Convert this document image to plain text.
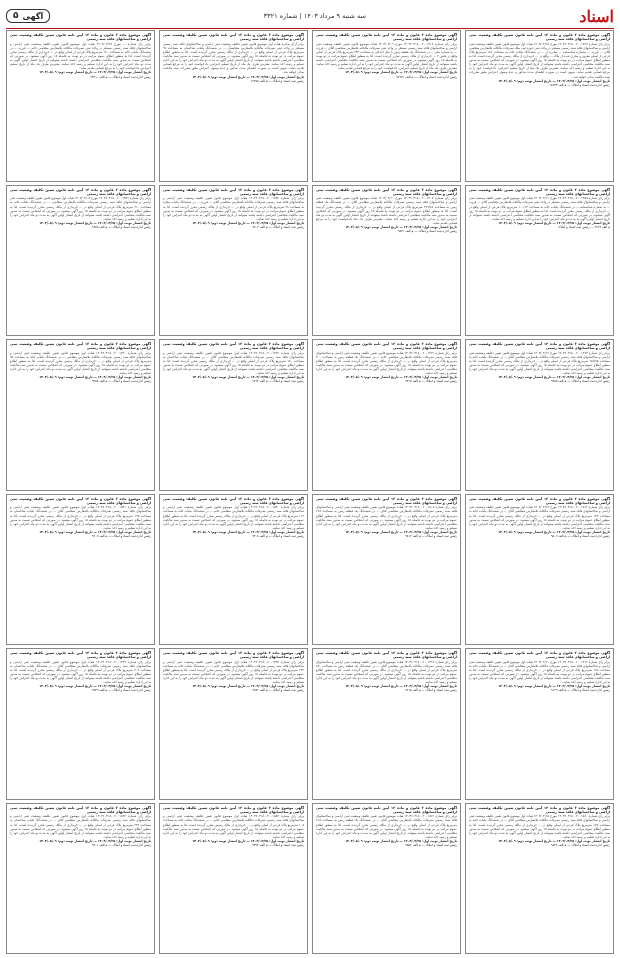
اسناد
سه شنبه ۹ مرداد ۱۴۰۳ | شماره ۳۳۲۱
آگهی
۵
آگهی موضوع ماده ۳ قانون و ماده ۱۳ آیین نامه قانون تعیین تکلیف وضعیت ثبتی اراضی و ساختمانهای فاقد سند رسمی
برابر رای شماره ۱۴۰۳۶۰۳۱۸۰۰۲۰۰۱۵۶۷ مورخ ۱۴۰۳/۰۴/۱۵ هیات اول موضوع قانون تعیین تکلیف وضعیت ثبتی اراضی و ساختمانهای فاقد سند رسمی مستقر در واحد ثبتی حوزه ثبت ملک تصرفات مالکانه بلامعارض متقاضی آقای ... فرزند ... بشماره شناسنامه ... صادره از ... در ششدانگ یکباب خانه به مساحت ۱۸۶ مترمربع پلاک فرعی از اصلی مفروز و مجزی شده از پلاک ... واقع در ... خریداری از مالک رسمی محرز گردیده است. لذا به منظور اطلاع عموم مراتب در دو نوبت به فاصله ۱۵ روز آگهی میشود. در صورتی که اشخاص نسبت به صدور سند مالکیت متقاضی اعتراضی داشته باشند میتوانند از تاریخ انتشار اولین آگهی به مدت دو ماه اعتراض خود را به این اداره تسلیم و رسید اخذ نمایند. معترض ظرف یک ماه از تاریخ تسلیم اعتراض، دادخواست خود را به مرجع قضایی تقدیم نماید. بدیهی است در صورت انقضای مدت مذکور و عدم وصول اعتراض طبق مقررات سند مالکیت صادر خواهد شد.
تاریخ انتشار نوبت اول: ۱۴۰۳/۰۴/۲۵ — تاریخ انتشار نوبت دوم: ۱۴۰۳/۰۵/۰۹
رئیس اداره ثبت اسناد و املاک — م الف ۱۶۸۷۳
آگهی موضوع ماده ۳ قانون و ماده ۱۳ آیین نامه قانون تعیین تکلیف وضعیت ثبتی اراضی و ساختمانهای فاقد سند رسمی
برابر رای شماره ۱۴۰۳۶۰۳۱۸۰۰۲۰۰۱۲۱۸ مورخ ۱۴۰۳/۰۴/۰۹ هیات موضوع قانون تعیین تکلیف وضعیت ثبتی اراضی و ساختمانهای فاقد سند رسمی مستقر در واحد ثبتی تصرفات مالکانه بلامعارض متقاضی آقای ... فرزند ... به شماره ملی ... در ششدانگ یک قطعه زمین با بنای احداثی به مساحت ۲۴۳ مترمربع پلاک فرعی از اصلی واقع در بخش ۲ ... خریداری از مالک رسمی محرز گردیده است. لذا به منظور اطلاع عموم مراتب در دو نوبت به فاصله ۱۵ روز آگهی میشود. در صورتی که اشخاص نسبت به صدور سند مالکیت متقاضی اعتراضی داشته باشند میتوانند از تاریخ انتشار اولین آگهی به مدت دو ماه اعتراض خود را به این اداره تسلیم و رسید اخذ نمایند. معترض ظرف یک ماه از تاریخ تسلیم اعتراض، دادخواست خود را به مرجع قضایی تقدیم نماید.
تاریخ انتشار نوبت اول: ۱۴۰۳/۰۴/۲۵ — تاریخ انتشار نوبت دوم: ۱۴۰۳/۰۵/۰۹
رئیس اداره ثبت اسناد و املاک — م الف ۹۷۶۲۱
آگهی موضوع ماده ۳ قانون و ماده ۱۳ آیین نامه قانون تعیین تکلیف وضعیت ثبتی اراضی و ساختمانهای فاقد سند رسمی
برابر آرای صادره هیات اول موضوع قانون تعیین تکلیف وضعیت ثبتی اراضی و ساختمانهای فاقد سند رسمی مستقر در واحد ثبتی تصرفات مالکانه بلامعارض متقاضیان ... در ششدانگ یکباب ساختمان به مساحت ۹۷ مترمربع پلاک فرعی از اصلی واقع در ... خریداری از مالک رسمی محرز گردیده است. لذا به منظور اطلاع عموم مراتب در دو نوبت به فاصله ۱۵ روز آگهی میشود. در صورتی که اشخاص نسبت به صدور سند مالکیت متقاضی اعتراضی داشته باشند میتوانند از تاریخ انتشار اولین آگهی به مدت دو ماه اعتراض خود را به این اداره تسلیم و رسید اخذ نمایند. معترض ظرف یک ماه از تاریخ تسلیم اعتراض، دادخواست خود را به مرجع قضایی تقدیم نماید. بدیهی است در صورت انقضای مدت مذکور و عدم وصول اعتراض طبق مقررات سند مالکیت صادر خواهد شد.
تاریخ انتشار نوبت اول: ۱۴۰۳/۰۴/۲۵ — تاریخ انتشار نوبت دوم: ۱۴۰۳/۰۵/۰۹
رئیس ثبت اسناد و املاک — م الف ۱۶۲۷۵
آگهی موضوع ماده ۳ قانون و ماده ۱۳ آیین نامه قانون تعیین تکلیف وضعیت ثبتی اراضی و ساختمانهای فاقد سند رسمی
برابر رای شماره ... مورخ ۱۴۰۳/۰۳/۲۸ هیات اول موضوع قانون تعیین تکلیف وضعیت ثبتی اراضی و ساختمانهای فاقد سند رسمی مستقر در واحد ثبتی تصرفات مالکانه بلامعارض متقاضی خانم ... فرزند ... در ششدانگ یکباب خانه به مساحت ۱۲۰ مترمربع پلاک فرعی از اصلی واقع در ... خریداری از مالک رسمی محرز گردیده است. لذا به منظور اطلاع عموم مراتب در دو نوبت به فاصله ۱۵ روز آگهی میشود. در صورتی که اشخاص نسبت به صدور سند مالکیت متقاضی اعتراضی داشته باشند میتوانند از تاریخ انتشار اولین آگهی به مدت دو ماه اعتراض خود را به این اداره تسلیم و رسید اخذ نمایند. معترض ظرف یک ماه از تاریخ تسلیم اعتراض، دادخواست خود را به مرجع قضایی تقدیم نماید.
تاریخ انتشار نوبت اول: ۱۴۰۳/۰۴/۲۵ — تاریخ انتشار نوبت دوم: ۱۴۰۳/۰۵/۰۹
رئیس اداره ثبت اسناد و املاک — م الف ۹۴۲۱۰
آگهی موضوع ماده ۳ قانون و ماده ۱۳ آیین نامه قانون تعیین تکلیف وضعیت ثبتی اراضی و ساختمانهای فاقد سند رسمی
برابر رای شماره ۱۴۰۳۶۰۳۱۸۰۰۲۰۰۱۴۵۵ مورخ ۱۴۰۳/۰۴/۱۱ هیات اول موضوع قانون تعیین تکلیف وضعیت ثبتی اراضی و ساختمانهای فاقد سند رسمی مستقر در واحد ثبتی تصرفات مالکانه بلامعارض متقاضی آقای ... فرزند ... به شماره شناسنامه ... در ششدانگ یکباب خانه به مساحت ۱۰۰/۱۳ مترمربع پلاک فرعی از اصلی واقع در ... خریداری از مالک رسمی محرز گردیده است. لذا به منظور اطلاع عموم مراتب در دو نوبت به فاصله ۱۵ روز آگهی میشود. در صورتی که اشخاص نسبت به صدور سند مالکیت متقاضی اعتراضی داشته باشند میتوانند از تاریخ انتشار اولین آگهی به مدت دو ماه اعتراض خود را به این اداره تسلیم و رسید اخذ نمایند.
تاریخ انتشار نوبت اول: ۱۴۰۳/۰۴/۲۵ — تاریخ انتشار نوبت دوم: ۱۴۰۳/۰۵/۰۹
م الف ۹۲۶۴ — رئیس ثبت اسناد و املاک
آگهی موضوع ماده ۳ قانون و ماده ۱۳ آیین نامه قانون تعیین تکلیف وضعیت ثبتی اراضی و ساختمانهای فاقد سند رسمی
برابر رای شماره ۱۴۰۳۶۰۳۱۸۰۰۲۰۰۱۴۰۷ مورخ ۱۴۰۳/۰۴/۱۰ هیات موضوع قانون تعیین تکلیف وضعیت ثبتی اراضی و ساختمانهای فاقد سند رسمی تصرفات مالکانه بلامعارض متقاضی آقای ... در ششدانگ یک قطعه زمین به مساحت ۲۲۹/۸۶ مترمربع پلاک فرعی از اصلی واقع در ... خریداری از مالک رسمی محرز گردیده است. لذا به منظور اطلاع عموم مراتب در دو نوبت به فاصله ۱۵ روز آگهی میشود. در صورتی که اشخاص نسبت به صدور سند مالکیت متقاضی اعتراضی داشته باشند میتوانند از تاریخ انتشار اولین آگهی به مدت دو ماه اعتراض خود را به این اداره تسلیم و رسید اخذ نمایند. معترض ظرف یک ماه دادخواست خود را به مرجع قضایی تقدیم نماید.
تاریخ انتشار نوبت اول: ۱۴۰۳/۰۴/۲۵ — تاریخ انتشار نوبت دوم: ۱۴۰۳/۰۵/۰۹
رئیس اداره ثبت اسناد و املاک — م الف ۹۵۳۱
آگهی موضوع ماده ۳ قانون و ماده ۱۳ آیین نامه قانون تعیین تکلیف وضعیت ثبتی اراضی و ساختمانهای فاقد سند رسمی
برابر رای شماره ۱۴۰۳۶۰۳۱۸۰۰۲۰۰۱۳۸۲ هیات اول موضوع قانون تعیین تکلیف وضعیت ثبتی اراضی و ساختمانهای فاقد سند رسمی تصرفات مالکانه بلامعارض متقاضی آقای ... فرزند ... در ششدانگ یکباب مغازه به مساحت ۴۸ مترمربع پلاک فرعی از اصلی واقع در ... خریداری از مالک رسمی محرز گردیده است. لذا به منظور اطلاع عموم مراتب در دو نوبت به فاصله ۱۵ روز آگهی میشود. در صورتی که اشخاص نسبت به صدور سند مالکیت متقاضی اعتراضی داشته باشند میتوانند از تاریخ انتشار اولین آگهی به مدت دو ماه اعتراض خود را به این اداره تسلیم و رسید اخذ نمایند.
تاریخ انتشار نوبت اول: ۱۴۰۳/۰۴/۲۵ — تاریخ انتشار نوبت دوم: ۱۴۰۳/۰۵/۰۹
رئیس ثبت اسناد و املاک — م الف ۹۷۰۲
آگهی موضوع ماده ۳ قانون و ماده ۱۳ آیین نامه قانون تعیین تکلیف وضعیت ثبتی اراضی و ساختمانهای فاقد سند رسمی
برابر رای شماره ۱۴۰۳۶۰۳۱۸۰۰۲۰۰۱۳۵۹ مورخ ۱۴۰۳/۰۴/۰۸ هیات اول موضوع قانون تعیین تکلیف وضعیت ثبتی اراضی و ساختمانهای فاقد سند رسمی تصرفات مالکانه بلامعارض متقاضی ... در ششدانگ یکباب خانه به مساحت ۲۱۰ مترمربع پلاک فرعی از اصلی واقع در ... خریداری از مالک رسمی محرز گردیده است. لذا به منظور اطلاع عموم مراتب در دو نوبت به فاصله ۱۵ روز آگهی میشود. در صورتی که اشخاص نسبت به صدور سند مالکیت متقاضی اعتراضی داشته باشند میتوانند از تاریخ انتشار اولین آگهی به مدت دو ماه اعتراض خود را به این اداره تسلیم و رسید اخذ نمایند.
تاریخ انتشار نوبت اول: ۱۴۰۳/۰۴/۲۵ — تاریخ انتشار نوبت دوم: ۱۴۰۳/۰۵/۰۹
رئیس اداره ثبت اسناد و املاک — م الف ۹۶۸۸
آگهی موضوع ماده ۳ قانون و ماده ۱۳ آیین نامه قانون تعیین تکلیف وضعیت ثبتی اراضی و ساختمانهای فاقد سند رسمی
برابر رای شماره ۱۴۰۳۶۰۳۱۸۰۰۲۰۰۱۴۹۳ مورخ ۱۴۰۳/۰۴/۱۲ هیات اول موضوع قانون تعیین تکلیف وضعیت ثبتی اراضی و ساختمانهای فاقد سند رسمی تصرفات مالکانه بلامعارض متقاضی آقای ... در ششدانگ یکباب خانه به مساحت ۱۵۶/۷۵ مترمربع پلاک فرعی از اصلی واقع در ... خریداری از مالک رسمی محرز گردیده است. لذا به منظور اطلاع عموم مراتب در دو نوبت به فاصله ۱۵ روز آگهی میشود. در صورتی که اشخاص نسبت به صدور سند مالکیت متقاضی اعتراضی داشته باشند میتوانند از تاریخ انتشار اولین آگهی به مدت دو ماه اعتراض خود را به این اداره تسلیم و رسید اخذ نمایند.
تاریخ انتشار نوبت اول: ۱۴۰۳/۰۴/۲۵ — تاریخ انتشار نوبت دوم: ۱۴۰۳/۰۵/۰۹
رئیس اداره ثبت اسناد و املاک — م الف ۹۴۵۵
آگهی موضوع ماده ۳ قانون و ماده ۱۳ آیین نامه قانون تعیین تکلیف وضعیت ثبتی اراضی و ساختمانهای فاقد سند رسمی
برابر رای شماره ۱۴۰۳۶۰۳۱۸۰۰۲۰۰۱۴۷۱ هیات موضوع قانون تعیین تکلیف وضعیت ثبتی اراضی و ساختمانهای فاقد سند رسمی تصرفات مالکانه بلامعارض متقاضی خانم ... در ششدانگ یک قطعه زمین به مساحت ۳۰۰ مترمربع پلاک فرعی از اصلی واقع در ... خریداری از مالک رسمی محرز گردیده است. لذا به منظور اطلاع عموم مراتب در دو نوبت به فاصله ۱۵ روز آگهی میشود. در صورتی که اشخاص نسبت به صدور سند مالکیت متقاضی اعتراضی داشته باشند میتوانند از تاریخ انتشار اولین آگهی به مدت دو ماه اعتراض خود را به این اداره تسلیم و رسید اخذ نمایند.
تاریخ انتشار نوبت اول: ۱۴۰۳/۰۴/۲۵ — تاریخ انتشار نوبت دوم: ۱۴۰۳/۰۵/۰۹
رئیس ثبت اسناد و املاک — م الف ۹۳۱۷
آگهی موضوع ماده ۳ قانون و ماده ۱۳ آیین نامه قانون تعیین تکلیف وضعیت ثبتی اراضی و ساختمانهای فاقد سند رسمی
برابر رای شماره ۱۴۰۳۶۰۳۱۸۰۰۲۰۰۱۳۶۲ هیات اول موضوع قانون تعیین تکلیف وضعیت ثبتی اراضی و ساختمانهای فاقد سند رسمی تصرفات مالکانه بلامعارض متقاضی آقای ... در ششدانگ یکباب ساختمان به مساحت ۱۸۰ مترمربع پلاک فرعی از اصلی واقع در ... خریداری از مالک رسمی محرز گردیده است. لذا به منظور اطلاع عموم مراتب در دو نوبت به فاصله ۱۵ روز آگهی میشود. در صورتی که اشخاص نسبت به صدور سند مالکیت متقاضی اعتراضی داشته باشند میتوانند از تاریخ انتشار اولین آگهی به مدت دو ماه اعتراض خود را به این اداره تسلیم و رسید اخذ نمایند.
تاریخ انتشار نوبت اول: ۱۴۰۳/۰۴/۲۵ — تاریخ انتشار نوبت دوم: ۱۴۰۳/۰۵/۰۹
رئیس ثبت اسناد و املاک — م الف ۹۶۹۴
آگهی موضوع ماده ۳ قانون و ماده ۱۳ آیین نامه قانون تعیین تکلیف وضعیت ثبتی اراضی و ساختمانهای فاقد سند رسمی
برابر رای شماره ۱۴۰۳۶۰۳۱۸۰۰۲۰۰۱۳۹۰ هیات اول موضوع قانون تعیین تکلیف وضعیت ثبتی اراضی و ساختمانهای فاقد سند رسمی تصرفات مالکانه بلامعارض متقاضی ... در ششدانگ یکباب خانه به مساحت ۹۵ مترمربع پلاک فرعی از اصلی واقع در ... خریداری از مالک رسمی محرز گردیده است. لذا به منظور اطلاع عموم مراتب در دو نوبت به فاصله ۱۵ روز آگهی میشود. در صورتی که اشخاص نسبت به صدور سند مالکیت متقاضی اعتراضی داشته باشند میتوانند از تاریخ انتشار اولین آگهی به مدت دو ماه اعتراض خود را به این اداره تسلیم و رسید اخذ نمایند.
تاریخ انتشار نوبت اول: ۱۴۰۳/۰۴/۲۵ — تاریخ انتشار نوبت دوم: ۱۴۰۳/۰۵/۰۹
رئیس اداره ثبت اسناد و املاک — م الف ۹۲۵۸
آگهی موضوع ماده ۳ قانون و ماده ۱۳ آیین نامه قانون تعیین تکلیف وضعیت ثبتی اراضی و ساختمانهای فاقد سند رسمی
برابر رای شماره ۱۴۰۳۶۰۳۱۸۰۰۲۰۰۱۵۱۲ مورخ ۱۴۰۳/۰۴/۱۳ هیات اول موضوع قانون تعیین تکلیف وضعیت ثبتی اراضی و ساختمانهای فاقد سند رسمی تصرفات مالکانه بلامعارض متقاضی آقای ... در ششدانگ یکباب خانه به مساحت ۱۴۳ مترمربع پلاک فرعی از اصلی واقع در ... خریداری از مالک رسمی محرز گردیده است. لذا به منظور اطلاع عموم مراتب در دو نوبت به فاصله ۱۵ روز آگهی میشود. در صورتی که اشخاص نسبت به صدور سند مالکیت متقاضی اعتراضی داشته باشند میتوانند از تاریخ انتشار اولین آگهی به مدت دو ماه اعتراض خود را به این اداره تسلیم و رسید اخذ نمایند.
تاریخ انتشار نوبت اول: ۱۴۰۳/۰۴/۲۵ — تاریخ انتشار نوبت دوم: ۱۴۰۳/۰۵/۰۹
رئیس اداره ثبت اسناد و املاک — م الف ۹۵۰۶
آگهی موضوع ماده ۳ قانون و ماده ۱۳ آیین نامه قانون تعیین تکلیف وضعیت ثبتی اراضی و ساختمانهای فاقد سند رسمی
برابر رای شماره ۱۴۰۳۶۰۳۱۸۰۰۲۰۰۱۵۰۸ هیات موضوع قانون تعیین تکلیف وضعیت ثبتی اراضی و ساختمانهای فاقد سند رسمی تصرفات مالکانه بلامعارض متقاضی آقای ... در ششدانگ یک قطعه زمین به مساحت ۲۶۸ مترمربع پلاک فرعی از اصلی واقع در ... خریداری از مالک رسمی محرز گردیده است. لذا به منظور اطلاع عموم مراتب در دو نوبت به فاصله ۱۵ روز آگهی میشود. در صورتی که اشخاص نسبت به صدور سند مالکیت متقاضی اعتراضی داشته باشند میتوانند از تاریخ انتشار اولین آگهی به مدت دو ماه اعتراض خود را به این اداره تسلیم و رسید اخذ نمایند.
تاریخ انتشار نوبت اول: ۱۴۰۳/۰۴/۲۵ — تاریخ انتشار نوبت دوم: ۱۴۰۳/۰۵/۰۹
رئیس ثبت اسناد و املاک — م الف ۹۸۱۲
آگهی موضوع ماده ۳ قانون و ماده ۱۳ آیین نامه قانون تعیین تکلیف وضعیت ثبتی اراضی و ساختمانهای فاقد سند رسمی
برابر رای شماره ۱۴۰۳۶۰۳۱۸۰۰۲۰۰۱۵۳۰ هیات اول موضوع قانون تعیین تکلیف وضعیت ثبتی اراضی و ساختمانهای فاقد سند رسمی تصرفات مالکانه بلامعارض متقاضی خانم ... در ششدانگ یکباب خانه به مساحت ۱۱۲ مترمربع پلاک فرعی از اصلی واقع در ... خریداری از مالک رسمی محرز گردیده است. لذا به منظور اطلاع عموم مراتب در دو نوبت به فاصله ۱۵ روز آگهی میشود. در صورتی که اشخاص نسبت به صدور سند مالکیت متقاضی اعتراضی داشته باشند میتوانند از تاریخ انتشار اولین آگهی به مدت دو ماه اعتراض خود را به این اداره تسلیم و رسید اخذ نمایند.
تاریخ انتشار نوبت اول: ۱۴۰۳/۰۴/۲۵ — تاریخ انتشار نوبت دوم: ۱۴۰۳/۰۵/۰۹
رئیس ثبت اسناد و املاک — م الف ۹۳۰۸
آگهی موضوع ماده ۳ قانون و ماده ۱۳ آیین نامه قانون تعیین تکلیف وضعیت ثبتی اراضی و ساختمانهای فاقد سند رسمی
برابر رای شماره ۱۴۰۳۶۰۳۱۸۰۰۲۰۰۱۵۴۱ هیات اول موضوع قانون تعیین تکلیف وضعیت ثبتی اراضی و ساختمانهای فاقد سند رسمی تصرفات مالکانه بلامعارض متقاضی آقای ... در ششدانگ یکباب ساختمان به مساحت ۱۹۸ مترمربع پلاک فرعی از اصلی واقع در ... خریداری از مالک رسمی محرز گردیده است. لذا به منظور اطلاع عموم مراتب در دو نوبت به فاصله ۱۵ روز آگهی میشود. در صورتی که اشخاص نسبت به صدور سند مالکیت متقاضی اعتراضی داشته باشند میتوانند از تاریخ انتشار اولین آگهی به مدت دو ماه اعتراض خود را به این اداره تسلیم و رسید اخذ نمایند.
تاریخ انتشار نوبت اول: ۱۴۰۳/۰۴/۲۵ — تاریخ انتشار نوبت دوم: ۱۴۰۳/۰۵/۰۹
رئیس اداره ثبت اسناد و املاک — م الف ۹۴۰۷
آگهی موضوع ماده ۳ قانون و ماده ۱۳ آیین نامه قانون تعیین تکلیف وضعیت ثبتی اراضی و ساختمانهای فاقد سند رسمی
برابر رای شماره ۱۴۰۳۶۰۳۱۸۰۰۲۰۰۱۴۱۲ مورخ ۱۴۰۳/۰۴/۱۰ هیات اول موضوع قانون تعیین تکلیف وضعیت ثبتی اراضی و ساختمانهای فاقد سند رسمی تصرفات مالکانه بلامعارض متقاضی آقای ... در ششدانگ یکباب خانه به مساحت ۱۶۵ مترمربع پلاک فرعی از اصلی واقع در ... خریداری از مالک رسمی محرز گردیده است. لذا به منظور اطلاع عموم مراتب در دو نوبت به فاصله ۱۵ روز آگهی میشود. در صورتی که اشخاص نسبت به صدور سند مالکیت متقاضی اعتراضی داشته باشند میتوانند از تاریخ انتشار اولین آگهی به مدت دو ماه اعتراض خود را به این اداره تسلیم و رسید اخذ نمایند.
تاریخ انتشار نوبت اول: ۱۴۰۳/۰۴/۲۵ — تاریخ انتشار نوبت دوم: ۱۴۰۳/۰۵/۰۹
رئیس اداره ثبت اسناد و املاک — م الف ۹۱۲۹
آگهی موضوع ماده ۳ قانون و ماده ۱۳ آیین نامه قانون تعیین تکلیف وضعیت ثبتی اراضی و ساختمانهای فاقد سند رسمی
برابر رای شماره ۱۴۰۳۶۰۳۱۸۰۰۲۰۰۱۴۲۶ هیات موضوع قانون تعیین تکلیف وضعیت ثبتی اراضی و ساختمانهای فاقد سند رسمی تصرفات مالکانه بلامعارض متقاضی آقای ... در ششدانگ یک قطعه زمین به مساحت ۲۵۰ مترمربع پلاک فرعی از اصلی واقع در ... خریداری از مالک رسمی محرز گردیده است. لذا به منظور اطلاع عموم مراتب در دو نوبت به فاصله ۱۵ روز آگهی میشود. در صورتی که اشخاص نسبت به صدور سند مالکیت متقاضی اعتراضی داشته باشند میتوانند از تاریخ انتشار اولین آگهی به مدت دو ماه اعتراض خود را به این اداره تسلیم و رسید اخذ نمایند.
تاریخ انتشار نوبت اول: ۱۴۰۳/۰۴/۲۵ — تاریخ انتشار نوبت دوم: ۱۴۰۳/۰۵/۰۹
رئیس ثبت اسناد و املاک — م الف ۹۶۱۵
آگهی موضوع ماده ۳ قانون و ماده ۱۳ آیین نامه قانون تعیین تکلیف وضعیت ثبتی اراضی و ساختمانهای فاقد سند رسمی
برابر رای شماره ۱۴۰۳۶۰۳۱۸۰۰۲۰۰۱۴۳۸ هیات اول موضوع قانون تعیین تکلیف وضعیت ثبتی اراضی و ساختمانهای فاقد سند رسمی تصرفات مالکانه بلامعارض متقاضی خانم ... در ششدانگ یکباب خانه به مساحت ۱۳۲ مترمربع پلاک فرعی از اصلی واقع در ... خریداری از مالک رسمی محرز گردیده است. لذا به منظور اطلاع عموم مراتب در دو نوبت به فاصله ۱۵ روز آگهی میشود. در صورتی که اشخاص نسبت به صدور سند مالکیت متقاضی اعتراضی داشته باشند میتوانند از تاریخ انتشار اولین آگهی به مدت دو ماه اعتراض خود را به این اداره تسلیم و رسید اخذ نمایند.
تاریخ انتشار نوبت اول: ۱۴۰۳/۰۴/۲۵ — تاریخ انتشار نوبت دوم: ۱۴۰۳/۰۵/۰۹
رئیس ثبت اسناد و املاک — م الف ۹۲۸۲
آگهی موضوع ماده ۳ قانون و ماده ۱۳ آیین نامه قانون تعیین تکلیف وضعیت ثبتی اراضی و ساختمانهای فاقد سند رسمی
برابر رای شماره ۱۴۰۳۶۰۳۱۸۰۰۲۰۰۱۴۴۹ هیات اول موضوع قانون تعیین تکلیف وضعیت ثبتی اراضی و ساختمانهای فاقد سند رسمی تصرفات مالکانه بلامعارض متقاضی آقای ... در ششدانگ یکباب ساختمان به مساحت ۲۰۴ مترمربع پلاک فرعی از اصلی واقع در ... خریداری از مالک رسمی محرز گردیده است. لذا به منظور اطلاع عموم مراتب در دو نوبت به فاصله ۱۵ روز آگهی میشود. در صورتی که اشخاص نسبت به صدور سند مالکیت متقاضی اعتراضی داشته باشند میتوانند از تاریخ انتشار اولین آگهی به مدت دو ماه اعتراض خود را به این اداره تسلیم و رسید اخذ نمایند.
تاریخ انتشار نوبت اول: ۱۴۰۳/۰۴/۲۵ — تاریخ انتشار نوبت دوم: ۱۴۰۳/۰۵/۰۹
رئیس اداره ثبت اسناد و املاک — م الف ۹۷۳۹
آگهی موضوع ماده ۳ قانون و ماده ۱۳ آیین نامه قانون تعیین تکلیف وضعیت ثبتی اراضی و ساختمانهای فاقد سند رسمی
برابر رای شماره ۱۴۰۳۶۰۳۱۸۰۰۲۰۰۱۵۶۰ مورخ ۱۴۰۳/۰۴/۱۵ هیات اول موضوع قانون تعیین تکلیف وضعیت ثبتی اراضی و ساختمانهای فاقد سند رسمی تصرفات مالکانه بلامعارض متقاضی آقای ... در ششدانگ یکباب خانه به مساحت ۱۷۸ مترمربع پلاک فرعی از اصلی واقع در ... خریداری از مالک رسمی محرز گردیده است. لذا به منظور اطلاع عموم مراتب در دو نوبت به فاصله ۱۵ روز آگهی میشود. در صورتی که اشخاص نسبت به صدور سند مالکیت متقاضی اعتراضی داشته باشند میتوانند از تاریخ انتشار اولین آگهی به مدت دو ماه اعتراض خود را به این اداره تسلیم و رسید اخذ نمایند.
تاریخ انتشار نوبت اول: ۱۴۰۳/۰۴/۲۵ — تاریخ انتشار نوبت دوم: ۱۴۰۳/۰۵/۰۹
رئیس اداره ثبت اسناد و املاک — م الف ۹۸۴۶
آگهی موضوع ماده ۳ قانون و ماده ۱۳ آیین نامه قانون تعیین تکلیف وضعیت ثبتی اراضی و ساختمانهای فاقد سند رسمی
برابر رای شماره ۱۴۰۳۶۰۳۱۸۰۰۲۰۰۱۵۷۱ هیات موضوع قانون تعیین تکلیف وضعیت ثبتی اراضی و ساختمانهای فاقد سند رسمی تصرفات مالکانه بلامعارض متقاضی آقای ... در ششدانگ یک قطعه زمین به مساحت ۲۱۵ مترمربع پلاک فرعی از اصلی واقع در ... خریداری از مالک رسمی محرز گردیده است. لذا به منظور اطلاع عموم مراتب در دو نوبت به فاصله ۱۵ روز آگهی میشود. در صورتی که اشخاص نسبت به صدور سند مالکیت متقاضی اعتراضی داشته باشند میتوانند از تاریخ انتشار اولین آگهی به مدت دو ماه اعتراض خود را به این اداره تسلیم و رسید اخذ نمایند.
تاریخ انتشار نوبت اول: ۱۴۰۳/۰۴/۲۵ — تاریخ انتشار نوبت دوم: ۱۴۰۳/۰۵/۰۹
رئیس ثبت اسناد و املاک — م الف ۹۵۵۲
آگهی موضوع ماده ۳ قانون و ماده ۱۳ آیین نامه قانون تعیین تکلیف وضعیت ثبتی اراضی و ساختمانهای فاقد سند رسمی
برابر رای شماره ۱۴۰۳۶۰۳۱۸۰۰۲۰۰۱۵۸۴ هیات اول موضوع قانون تعیین تکلیف وضعیت ثبتی اراضی و ساختمانهای فاقد سند رسمی تصرفات مالکانه بلامعارض متقاضی خانم ... در ششدانگ یکباب خانه به مساحت ۱۰۸ مترمربع پلاک فرعی از اصلی واقع در ... خریداری از مالک رسمی محرز گردیده است. لذا به منظور اطلاع عموم مراتب در دو نوبت به فاصله ۱۵ روز آگهی میشود. در صورتی که اشخاص نسبت به صدور سند مالکیت متقاضی اعتراضی داشته باشند میتوانند از تاریخ انتشار اولین آگهی به مدت دو ماه اعتراض خود را به این اداره تسلیم و رسید اخذ نمایند.
تاریخ انتشار نوبت اول: ۱۴۰۳/۰۴/۲۵ — تاریخ انتشار نوبت دوم: ۱۴۰۳/۰۵/۰۹
رئیس ثبت اسناد و املاک — م الف ۹۳۷۴
آگهی موضوع ماده ۳ قانون و ماده ۱۳ آیین نامه قانون تعیین تکلیف وضعیت ثبتی اراضی و ساختمانهای فاقد سند رسمی
برابر رای شماره ۱۴۰۳۶۰۳۱۸۰۰۲۰۰۱۵۹۲ هیات اول موضوع قانون تعیین تکلیف وضعیت ثبتی اراضی و ساختمانهای فاقد سند رسمی تصرفات مالکانه بلامعارض متقاضی آقای ... در ششدانگ یکباب ساختمان به مساحت ۲۳۶ مترمربع پلاک فرعی از اصلی واقع در ... خریداری از مالک رسمی محرز گردیده است. لذا به منظور اطلاع عموم مراتب در دو نوبت به فاصله ۱۵ روز آگهی میشود. در صورتی که اشخاص نسبت به صدور سند مالکیت متقاضی اعتراضی داشته باشند میتوانند از تاریخ انتشار اولین آگهی به مدت دو ماه اعتراض خود را به این اداره تسلیم و رسید اخذ نمایند.
تاریخ انتشار نوبت اول: ۱۴۰۳/۰۴/۲۵ — تاریخ انتشار نوبت دوم: ۱۴۰۳/۰۵/۰۹
رئیس اداره ثبت اسناد و املاک — م الف ۹۹۰۱
